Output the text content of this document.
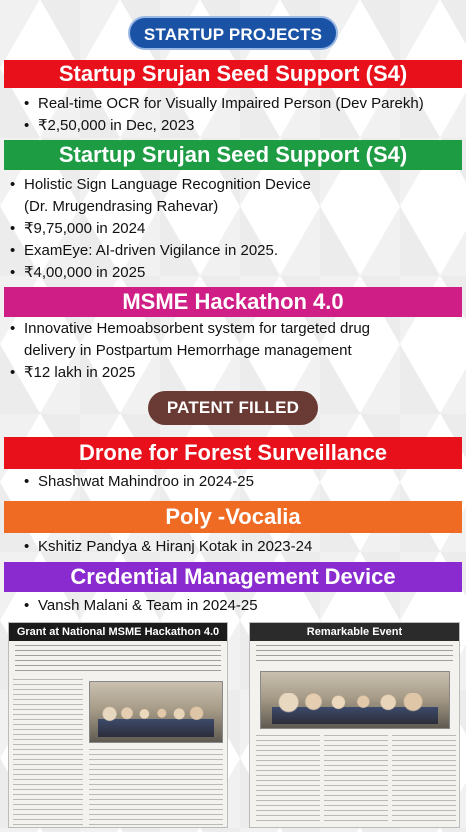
STARTUP PROJECTS
Startup Srujan Seed Support (S4)
• Real-time OCR for Visually Impaired Person (Dev Parekh)
• ₹2,50,000 in Dec, 2023
Startup Srujan Seed Support (S4)
• Holistic Sign Language Recognition Device
(Dr. Mrugendrasing Rahevar)
• ₹9,75,000 in 2024
• ExamEye: AI-driven Vigilance in 2025.
• ₹4,00,000 in 2025
MSME Hackathon 4.0
• Innovative Hemoabsorbent system for targeted drug
delivery in Postpartum Hemorrhage management
• ₹12 lakh in 2025
PATENT FILLED
Drone for Forest Surveillance
• Shashwat Mahindroo in 2024-25
Poly -Vocalia
• Kshitiz Pandya & Hiranj Kotak in 2023-24
Credential Management Device
• Vansh Malani & Team in 2024-25
Grant at National MSME Hackathon 4.0	Remarkable Event
